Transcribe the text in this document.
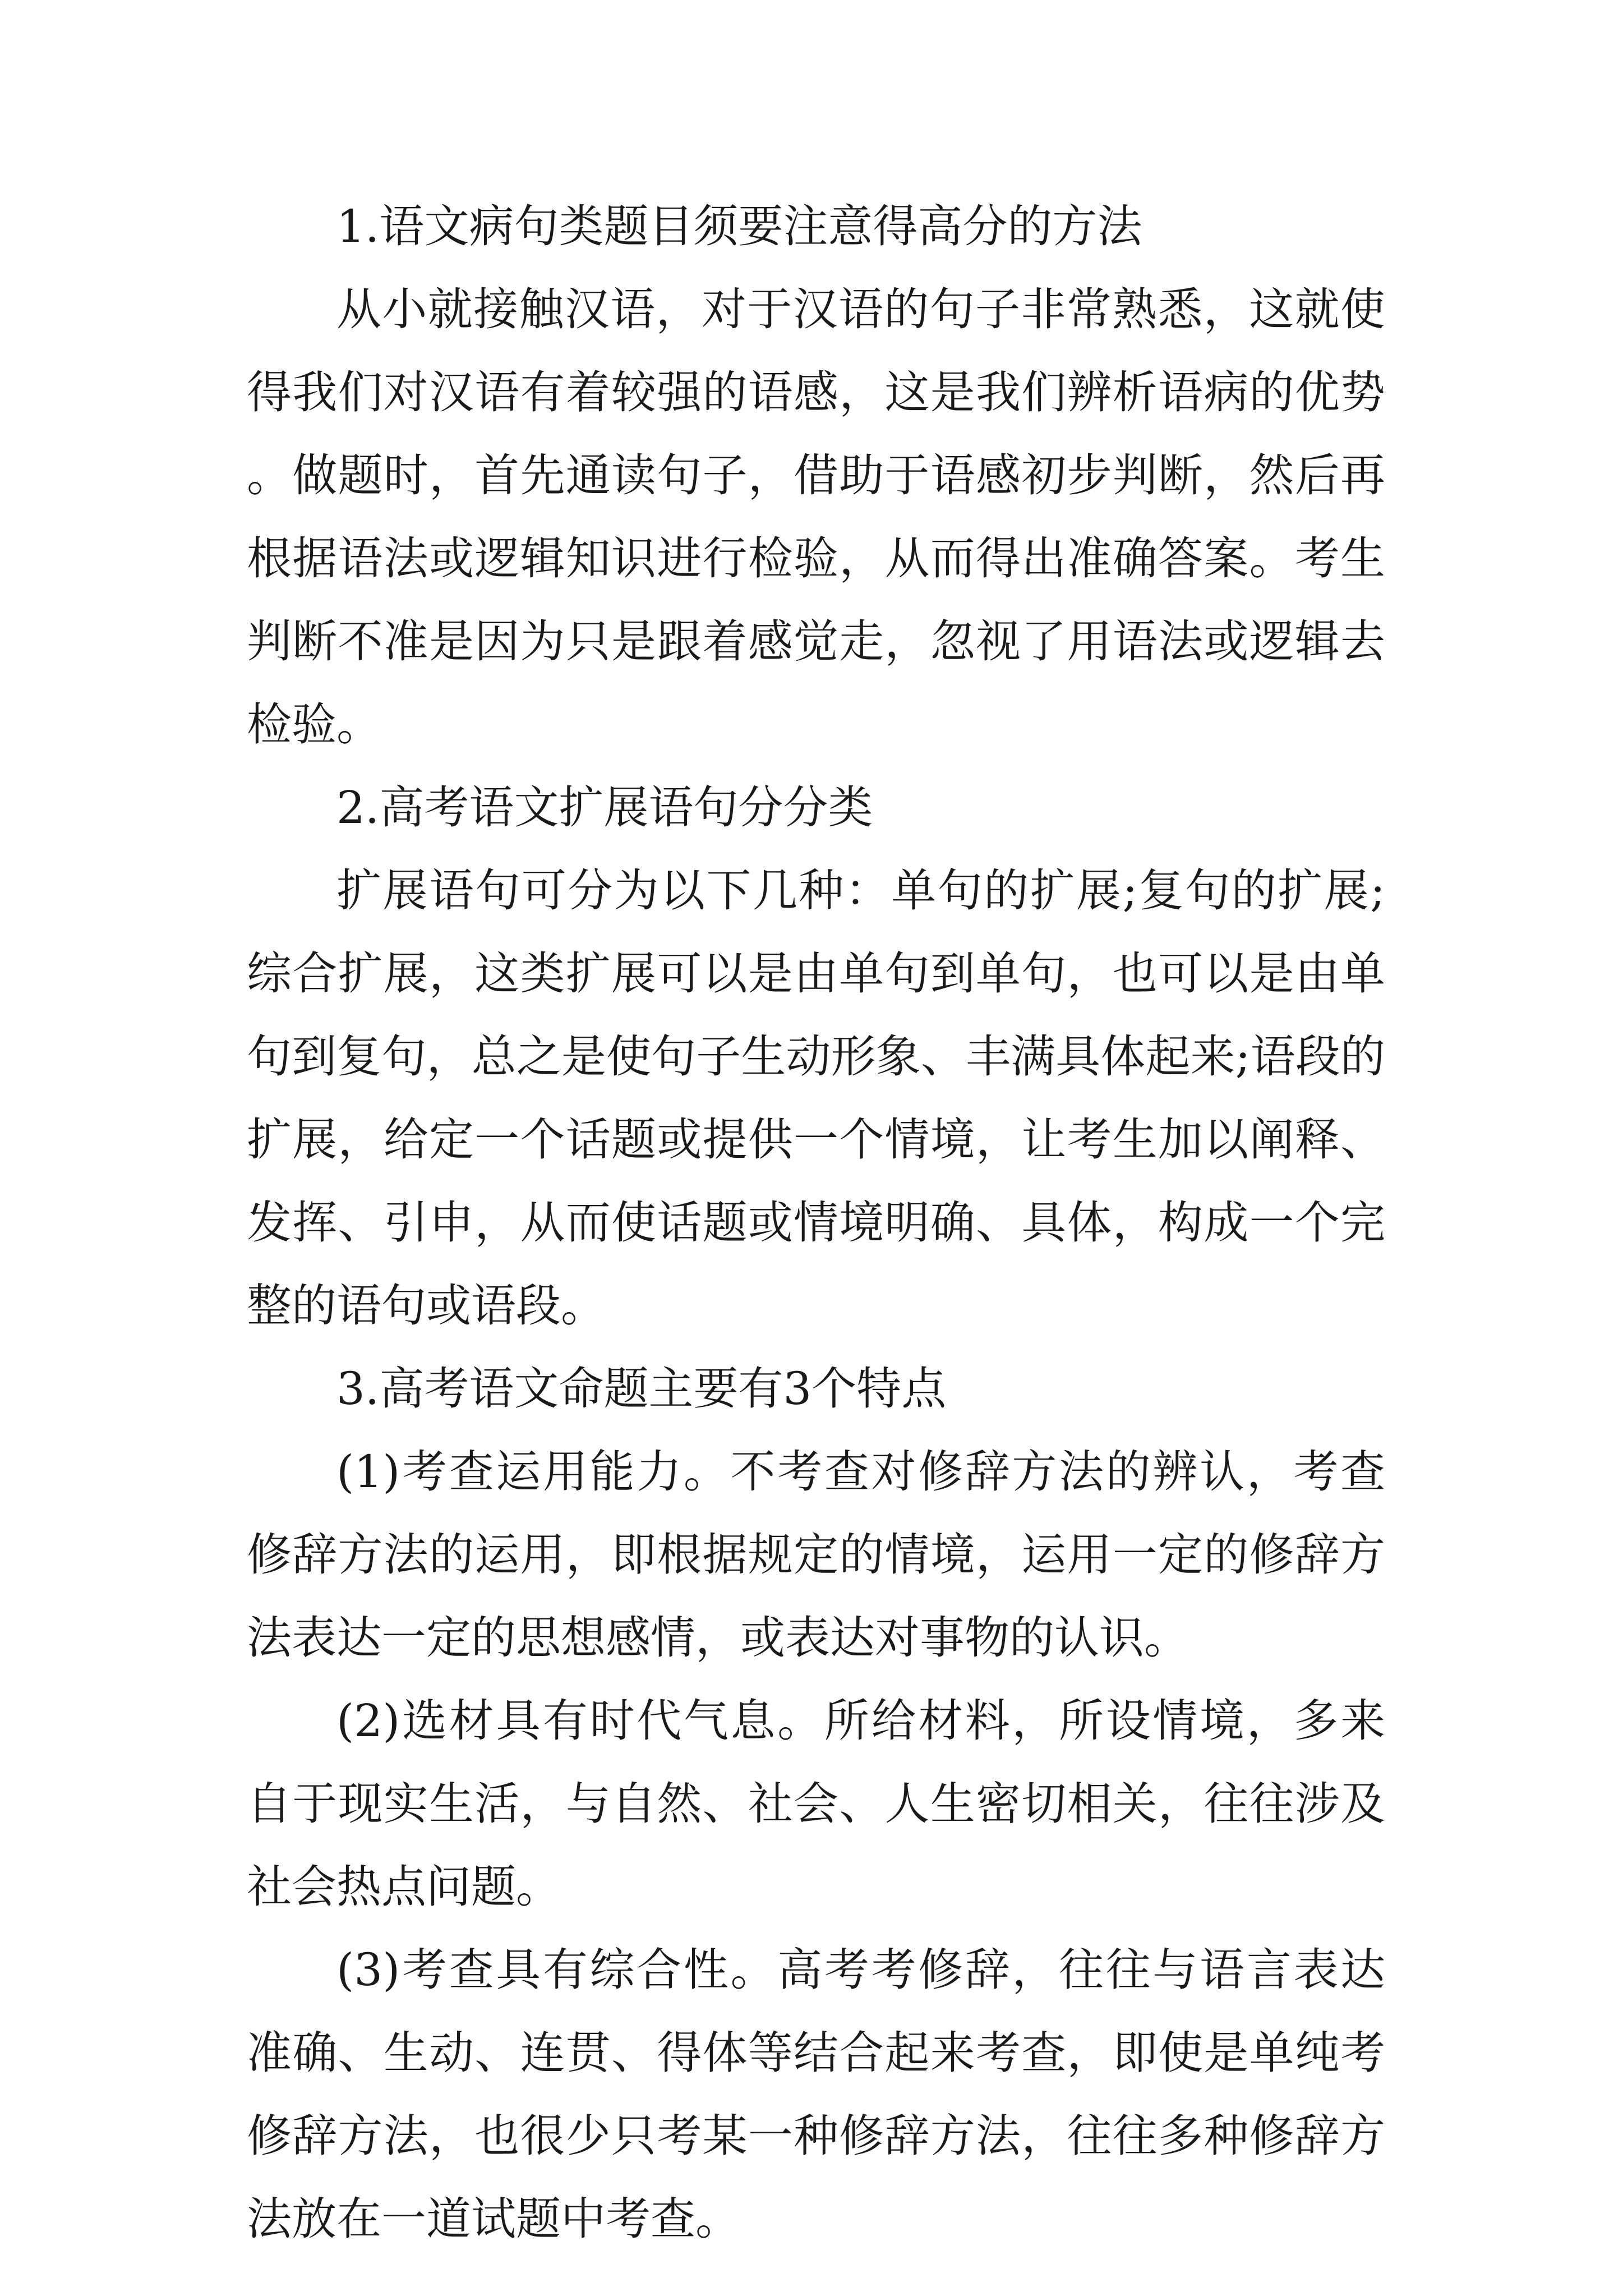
1.语文病句类题目须要注意得高分的方法

从小就接触汉语，对于汉语的句子非常熟悉，这就使得我们对汉语有着较强的语感，这是我们辨析语病的优势。做题时，首先通读句子，借助于语感初步判断，然后再根据语法或逻辑知识进行检验，从而得出准确答案。考生判断不准是因为只是跟着感觉走，忽视了用语法或逻辑去检验。

2.高考语文扩展语句分分类

扩展语句可分为以下几种：单句的扩展;复句的扩展;综合扩展，这类扩展可以是由单句到单句，也可以是由单句到复句，总之是使句子生动形象、丰满具体起来;语段的扩展，给定一个话题或提供一个情境，让考生加以阐释、发挥、引申，从而使话题或情境明确、具体，构成一个完整的语句或语段。

3.高考语文命题主要有3个特点

(1)考查运用能力。不考查对修辞方法的辨认，考查修辞方法的运用，即根据规定的情境，运用一定的修辞方法表达一定的思想感情，或表达对事物的认识。

(2)选材具有时代气息。所给材料，所设情境，多来自于现实生活，与自然、社会、人生密切相关，往往涉及社会热点问题。

(3)考查具有综合性。高考考修辞，往往与语言表达准确、生动、连贯、得体等结合起来考查，即使是单纯考修辞方法，也很少只考某一种修辞方法，往往多种修辞方法放在一道试题中考查。
